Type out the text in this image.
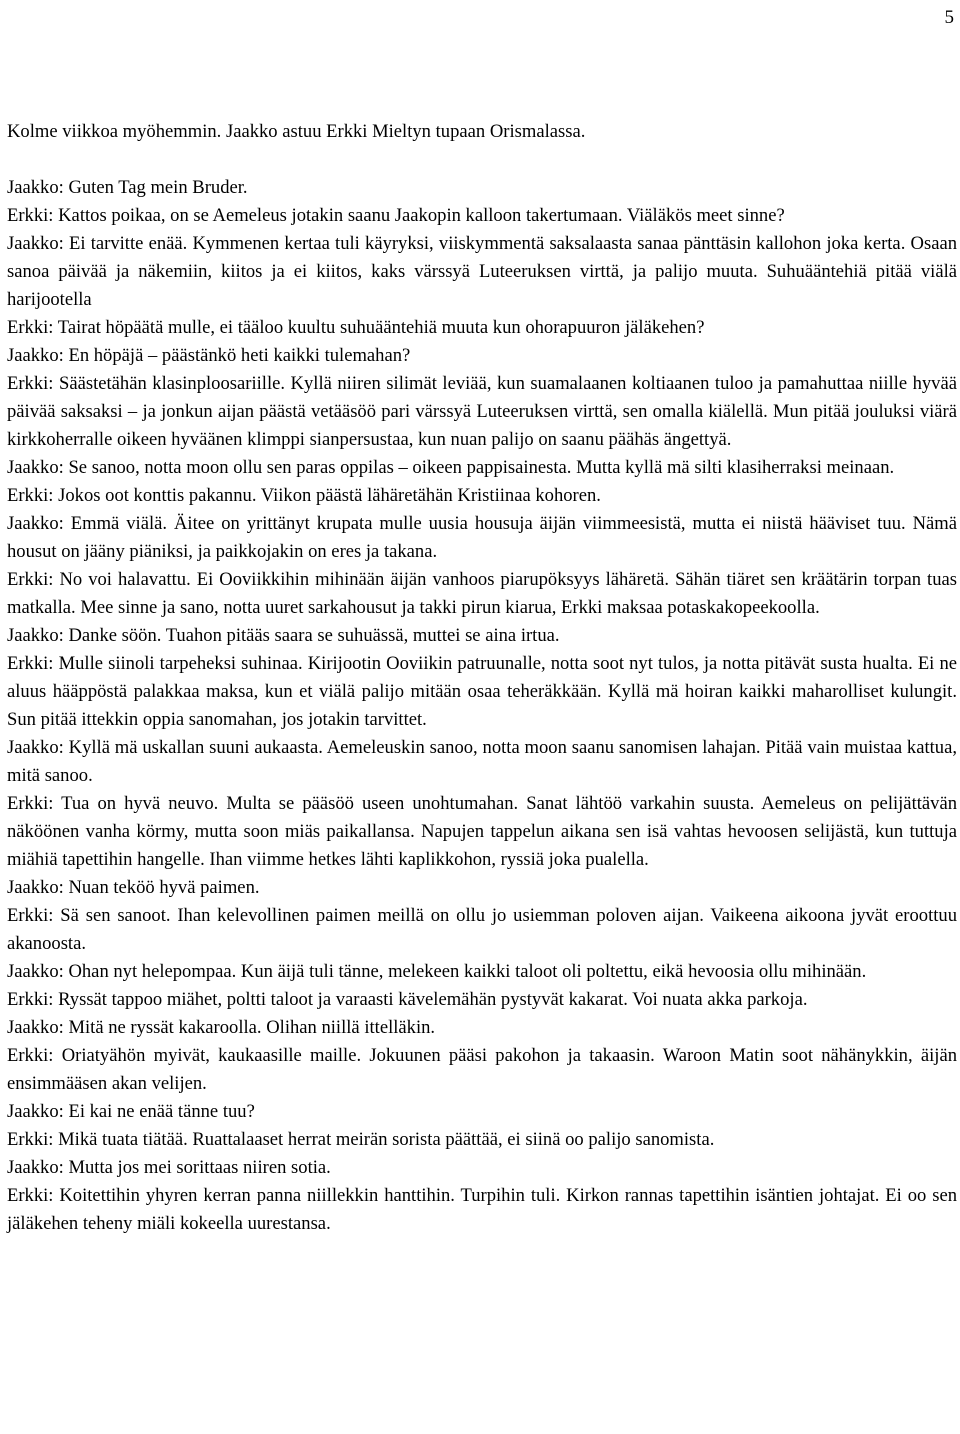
5

Kolme viikkoa myöhemmin. Jaakko astuu Erkki Mieltyn tupaan Orismalassa.

Jaakko: Guten Tag mein Bruder.

Erkki: Kattos poikaa, on se Aemeleus jotakin saanu Jaakopin kalloon takertumaan. Viäläkös meet sinne?

Jaakko: Ei tarvitte enää. Kymmenen kertaa tuli käyryksi, viiskymmentä saksalaasta sanaa pänttäsin kallohon joka kerta. Osaan sanoa päivää ja näkemiin, kiitos ja ei kiitos, kaks värssyä Luteeruksen virttä, ja palijo muuta. Suhuääntehiä pitää viälä harijootella

Erkki: Tairat höpäätä mulle, ei tääloo kuultu suhuääntehiä muuta kun ohorapuuron jäläkehen?

Jaakko: En höpäjä – päästänkö heti kaikki tulemahan?

Erkki: Säästetähän klasinploosariille. Kyllä niiren silimät leviää, kun suamalaanen koltiaanen tuloo ja pamahuttaa niille hyvää päivää saksaksi – ja jonkun aijan päästä vetääsöö pari värssyä Luteeruksen virttä, sen omalla kiälellä. Mun pitää jouluksi viärä kirkkoherralle oikeen hyväänen klimppi sianpersustaa, kun nuan palijo on saanu päähäs ängettyä.

Jaakko: Se sanoo, notta moon ollu sen paras oppilas – oikeen pappisainesta. Mutta kyllä mä silti klasiherraksi meinaan.

Erkki: Jokos oot konttis pakannu. Viikon päästä lähäretähän Kristiinaa kohoren.

Jaakko: Emmä viälä. Äitee on yrittänyt krupata mulle uusia housuja äijän viimmeesistä, mutta ei niistä hääviset tuu. Nämä housut on jääny piäniksi, ja paikkojakin on eres ja takana.

Erkki: No voi halavattu. Ei Ooviikkihin mihinään äijän vanhoos piarupöksyys lähäretä. Sähän tiäret sen kräätärin torpan tuas matkalla. Mee sinne ja sano, notta uuret sarkahousut ja takki pirun kiarua, Erkki maksaa potaskakopeekoolla.

Jaakko: Danke söön. Tuahon pitääs saara se suhuässä, muttei se aina irtua.

Erkki: Mulle siinoli tarpeheksi suhinaa. Kirijootin Ooviikin patruunalle, notta soot nyt tulos, ja notta pitävät susta hualta. Ei ne aluus hääppöstä palakkaa maksa, kun et viälä palijo mitään osaa teheräkkään. Kyllä mä hoiran kaikki maharolliset kulungit. Sun pitää ittekkin oppia sanomahan, jos jotakin tarvittet.

Jaakko: Kyllä mä uskallan suuni aukaasta. Aemeleuskin sanoo, notta moon saanu sanomisen lahajan. Pitää vain muistaa kattua, mitä sanoo.

Erkki: Tua on hyvä neuvo. Multa se pääsöö useen unohtumahan. Sanat lähtöö varkahin suusta. Aemeleus on pelijättävän näköönen vanha körmy, mutta soon miäs paikallansa. Napujen tappelun aikana sen isä vahtas hevoosen selijästä, kun tuttuja miähiä tapettihin hangelle. Ihan viimme hetkes lähti kaplikkohon, ryssiä joka pualella.

Jaakko: Nuan teköö hyvä paimen.

Erkki: Sä sen sanoot. Ihan kelevollinen paimen meillä on ollu jo usiemman poloven aijan. Vaikeena aikoona jyvät eroottuu akanoosta.

Jaakko: Ohan nyt helepompaa. Kun äijä tuli tänne, melekeen kaikki taloot oli poltettu, eikä hevoosia ollu mihinään.

Erkki: Ryssät tappoo miähet, poltti taloot ja varaasti kävelemähän pystyvät kakarat. Voi nuata akka parkoja.

Jaakko: Mitä ne ryssät kakaroolla. Olihan niillä ittelläkin.

Erkki: Oriatyähön myivät, kaukaasille maille. Jokuunen pääsi pakohon ja takaasin. Waroon Matin soot nähänykkin, äijän ensimmääsen akan velijen.

Jaakko: Ei kai ne enää tänne tuu?

Erkki: Mikä tuata tiätää. Ruattalaaset herrat meirän sorista päättää, ei siinä oo palijo sanomista.

Jaakko: Mutta jos mei sorittaas niiren sotia.

Erkki: Koitettihin yhyren kerran panna niillekkin hanttihin. Turpihin tuli. Kirkon rannas tapettihin isäntien johtajat. Ei oo sen jäläkehen teheny miäli kokeella uurestansa.
